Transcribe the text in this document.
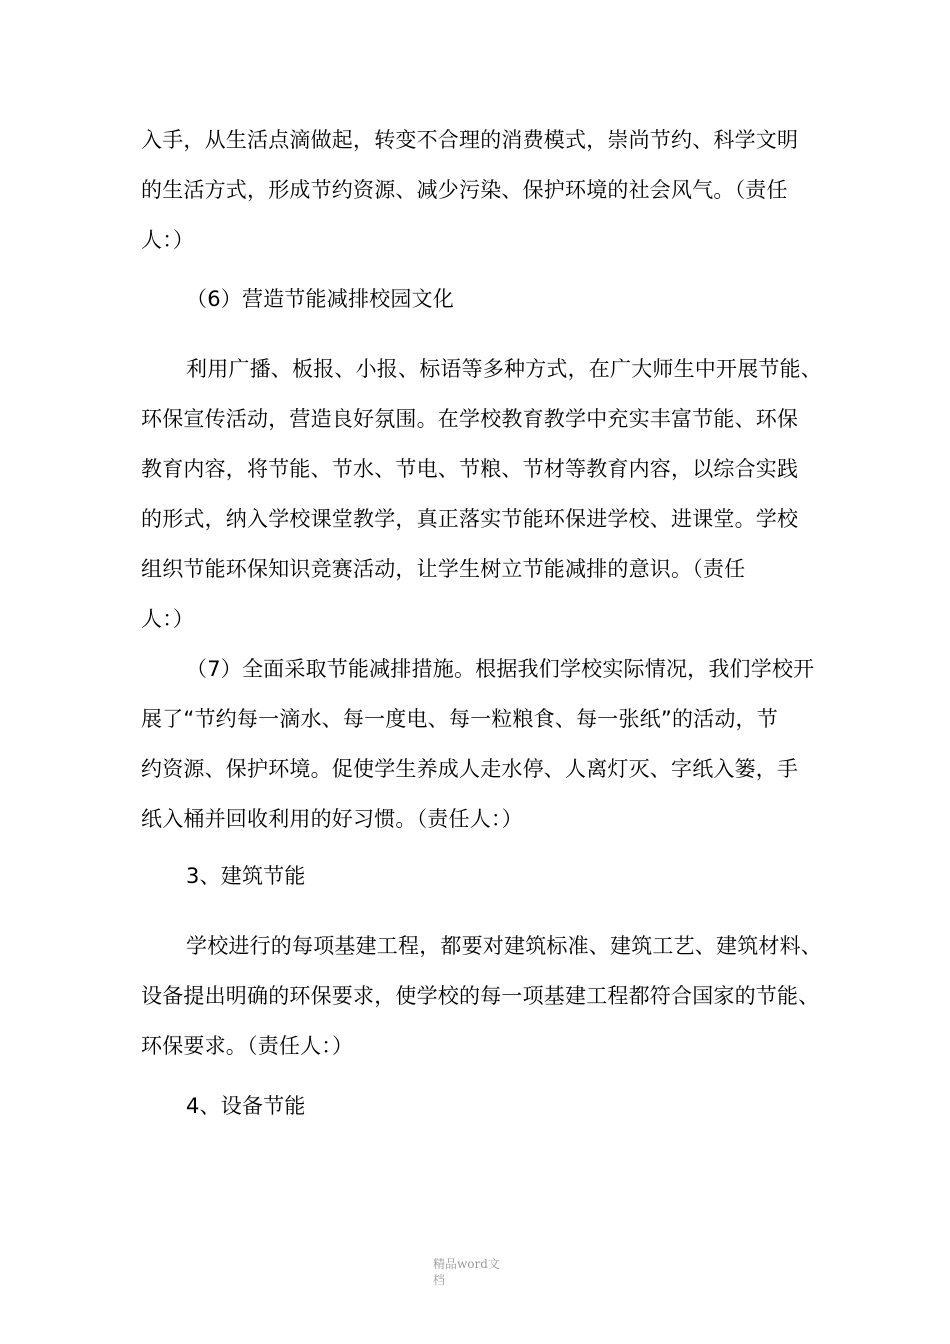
入手，从生活点滴做起，转变不合理的消费模式，崇尚节约、科学文明
的生活方式，形成节约资源、减少污染、保护环境的社会风气。（责任
人：）
（6）营造节能减排校园文化
利用广播、板报、小报、标语等多种方式，在广大师生中开展节能、
环保宣传活动，营造良好氛围。在学校教育教学中充实丰富节能、环保
教育内容，将节能、节水、节电、节粮、节材等教育内容，以综合实践
的形式，纳入学校课堂教学，真正落实节能环保进学校、进课堂。学校
组织节能环保知识竞赛活动，让学生树立节能减排的意识。（责任
人：）
（7）全面采取节能减排措施。根据我们学校实际情况，我们学校开
展了“节约每一滴水、每一度电、每一粒粮食、每一张纸”的活动，节
约资源、保护环境。促使学生养成人走水停、人离灯灭、字纸入篓，手
纸入桶并回收利用的好习惯。（责任人：）
3、建筑节能
学校进行的每项基建工程，都要对建筑标准、建筑工艺、建筑材料、
设备提出明确的环保要求，使学校的每一项基建工程都符合国家的节能、
环保要求。（责任人：）
4、设备节能
精品word文
档
